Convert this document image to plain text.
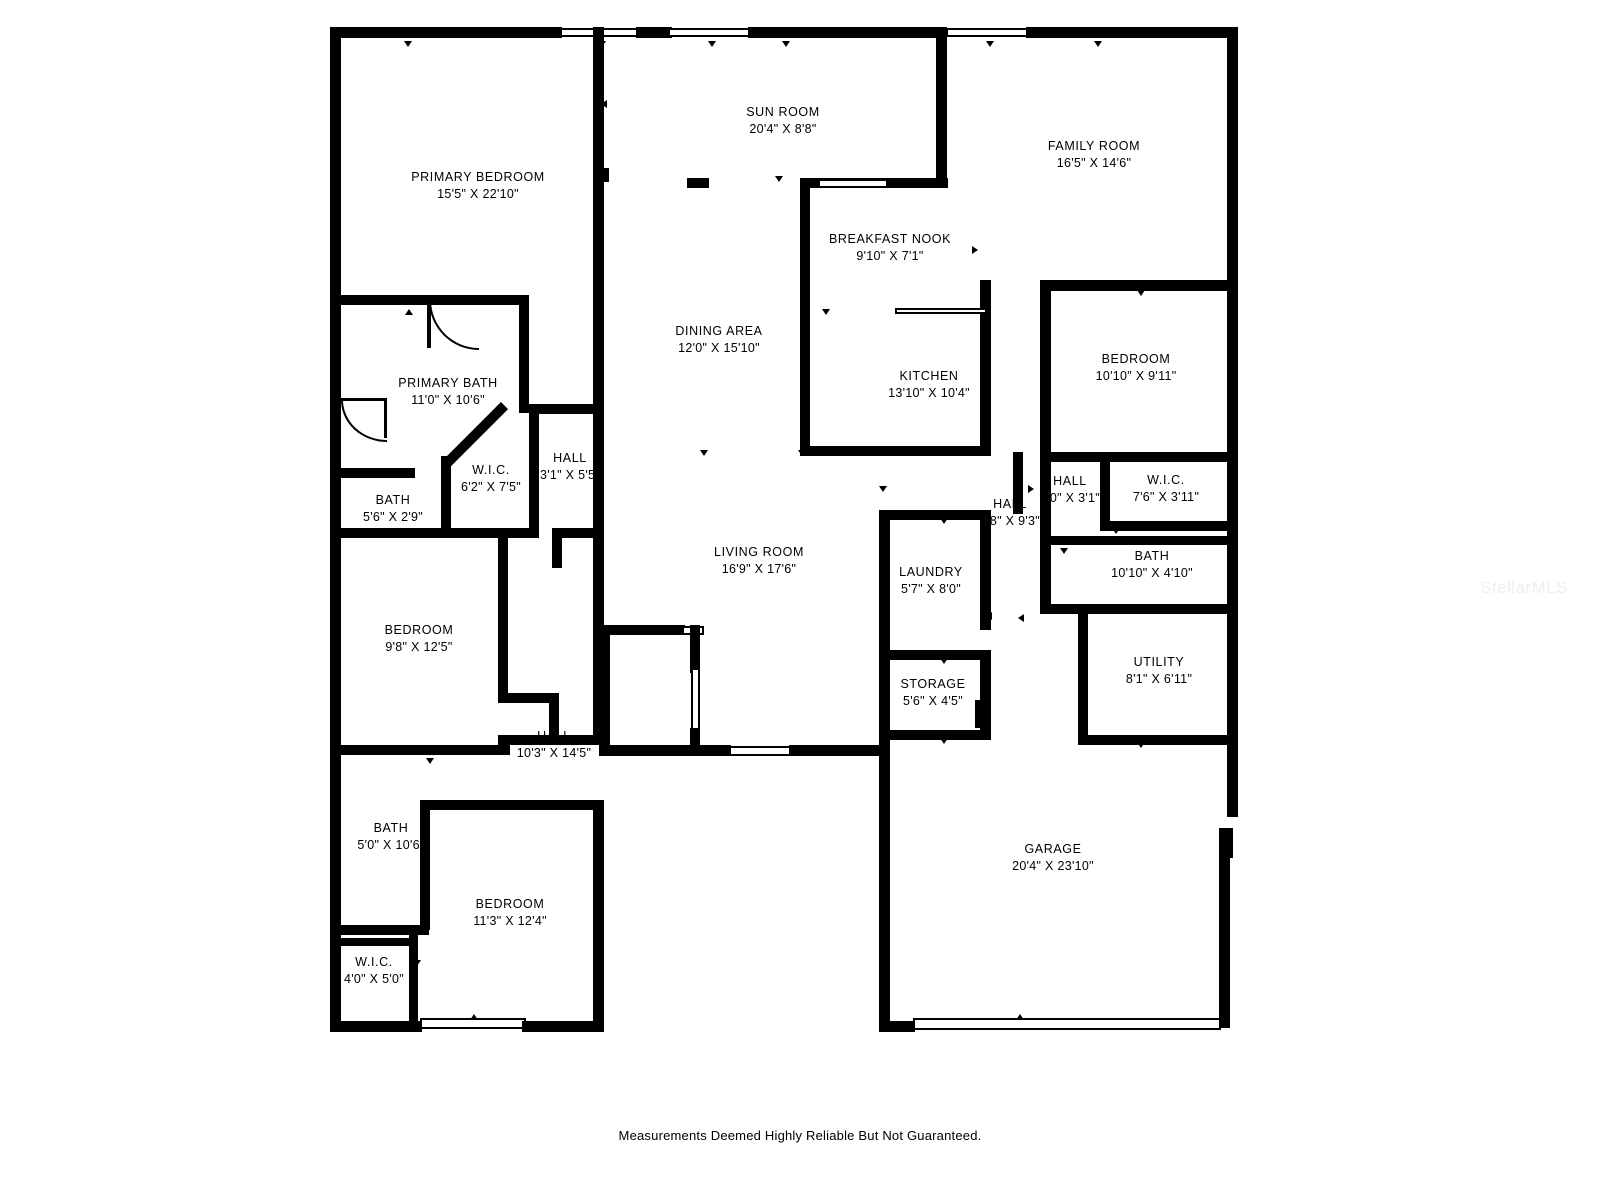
SUN ROOM
20'4" X 8'8"
FAMILY ROOM
16'5" X 14'6"
PRIMARY BEDROOM
15'5" X 22'10"
BREAKFAST NOOK
9'10" X 7'1"
DINING AREA
12'0" X 15'10"
BEDROOM
10'10" X 9'11"
KITCHEN
13'10" X 10'4"
PRIMARY BATH
11'0" X 10'6"
HALL
3'1" X 5'5"
W.I.C.
6'2" X 7'5"	HALL
3'0" X 3'1"
W.I.C.
7'6" X 3'11"
BATH
5'6" X 2'9"
HALL
9'8" X 9'3"
LIVING ROOM
16'9" X 17'6"
BATH
10'10" X 4'10"
LAUNDRY
5'7" X 8'0"
BEDROOM
9'8" X 12'5"
UTILITY
8'1" X 6'11"
STORAGE
5'6" X 4'5"
HALL
10'3" X 14'5"
BATH
5'0" X 10'6"	GARAGE
20'4" X 23'10"
BEDROOM
11'3" X 12'4"
W.I.C.
4'0" X 5'0"
StellarMLS
Measurements Deemed Highly Reliable But Not Guaranteed.
